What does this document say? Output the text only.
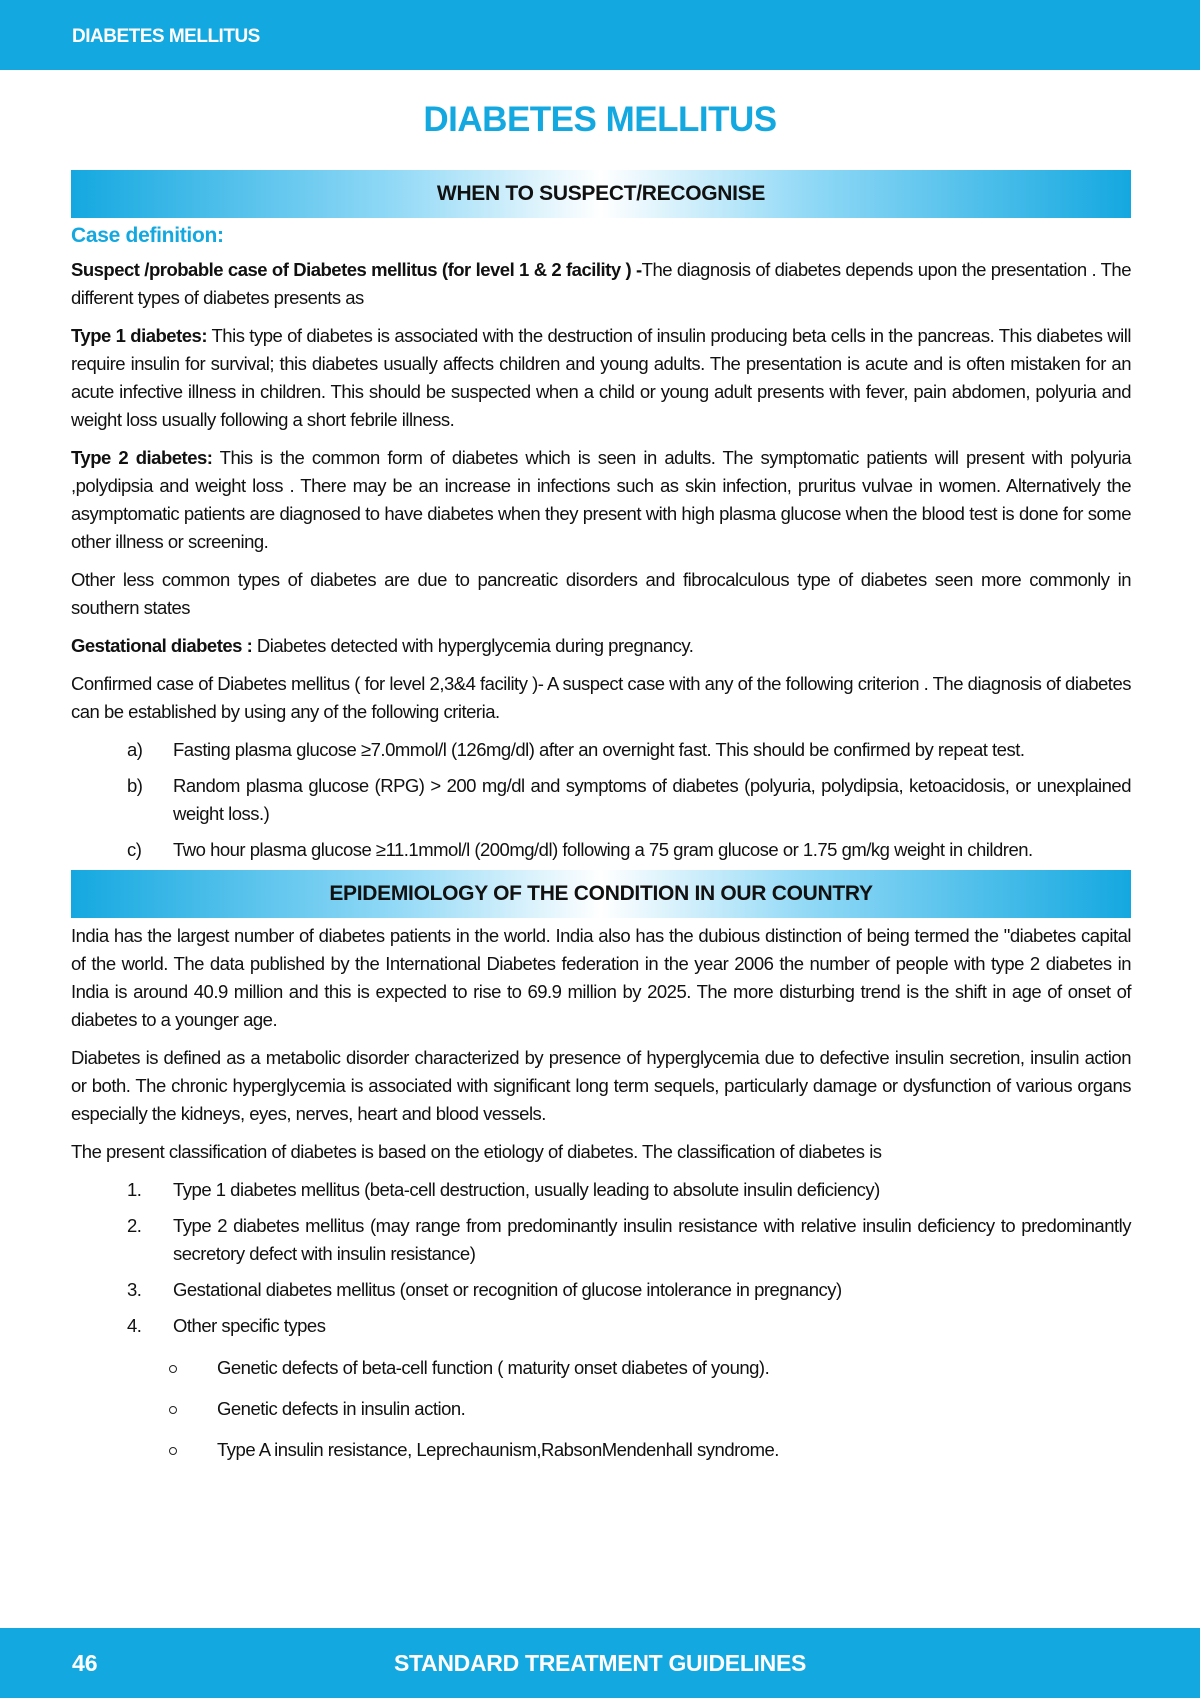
DIABETES MELLITUS
DIABETES MELLITUS
WHEN TO SUSPECT/RECOGNISE
Case definition:

Suspect /probable case of Diabetes mellitus (for level 1 & 2 facility ) -The diagnosis of diabetes depends upon the presentation . The different types of diabetes presents as

Type 1 diabetes: This type of diabetes is associated with the destruction of insulin producing beta cells in the pancreas. This diabetes will require insulin for survival; this diabetes usually affects children and young adults. The presentation is acute and is often mistaken for an acute infective illness in children. This should be suspected when a child or young adult presents with fever, pain abdomen, polyuria and weight loss usually following a short febrile illness.

Type 2 diabetes: This is the common form of diabetes which is seen in adults. The symptomatic patients will present with polyuria ,polydipsia and weight loss . There may be an increase in infections such as skin infection, pruritus vulvae in women. Alternatively the asymptomatic patients are diagnosed to have diabetes when they present with high plasma glucose when the blood test is done for some other illness or screening.

Other less common types of diabetes are due to pancreatic disorders and fibrocalculous type of diabetes seen more commonly in southern states

Gestational diabetes : Diabetes detected with hyperglycemia during pregnancy.

Confirmed case of Diabetes mellitus ( for level 2,3&4 facility )- A suspect case with any of the following criterion . The diagnosis of diabetes can be established by using any of the following criteria.

a) Fasting plasma glucose ≥7.0mmol/l (126mg/dl) after an overnight fast. This should be confirmed by repeat test.
b) Random plasma glucose (RPG) > 200 mg/dl and symptoms of diabetes (polyuria, polydipsia, ketoacidosis, or unexplained weight loss.)
c) Two hour plasma glucose ≥11.1mmol/l (200mg/dl) following a 75 gram glucose or 1.75 gm/kg weight in children.
EPIDEMIOLOGY OF THE CONDITION IN OUR COUNTRY

India has the largest number of diabetes patients in the world. India also has the dubious distinction of being termed the "diabetes capital of the world. The data published by the International Diabetes federation in the year 2006 the number of people with type 2 diabetes in India is around 40.9 million and this is expected to rise to 69.9 million by 2025. The more disturbing trend is the shift in age of onset of diabetes to a younger age.

Diabetes is defined as a metabolic disorder characterized by presence of hyperglycemia due to defective insulin secretion, insulin action or both. The chronic hyperglycemia is associated with significant long term sequels, particularly damage or dysfunction of various organs especially the kidneys, eyes, nerves, heart and blood vessels.

The present classification of diabetes is based on the etiology of diabetes. The classification of diabetes is

1. Type 1 diabetes mellitus (beta-cell destruction, usually leading to absolute insulin deficiency)
2. Type 2 diabetes mellitus (may range from predominantly insulin resistance with relative insulin deficiency to predominantly secretory defect with insulin resistance)
3. Gestational diabetes mellitus (onset or recognition of glucose intolerance in pregnancy)
4. Other specific types
Genetic defects of beta-cell function ( maturity onset diabetes of young).
Genetic defects in insulin action.
Type A insulin resistance, Leprechaunism,RabsonMendenhall syndrome.
STANDARD TREATMENT GUIDELINES
46
